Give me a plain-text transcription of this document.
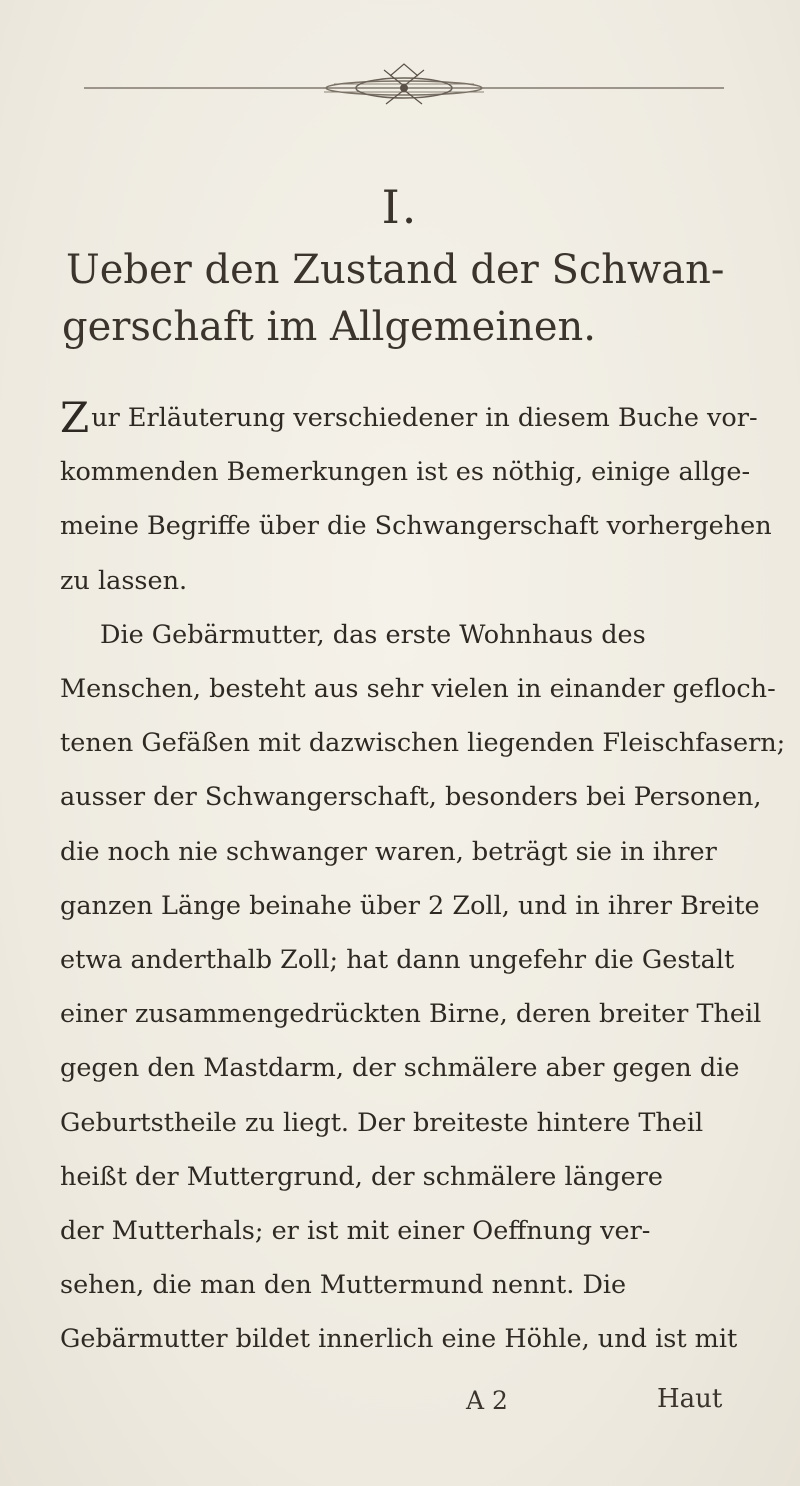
I.
Ueber den Zustand der Schwan-
gerschaft im Allgemeinen.
Zur Erläuterung verschiedener in diesem Buche vor-
kommenden Bemerkungen ist es nöthig, einige allge-
meine Begriffe über die Schwangerschaft vorhergehen
zu lassen.
Die Gebärmutter, das erste Wohnhaus des
Menschen, besteht aus sehr vielen in einander gefloch-
tenen Gefäßen mit dazwischen liegenden Fleischfasern;
ausser der Schwangerschaft, besonders bei Personen,
die noch nie schwanger waren, beträgt sie in ihrer
ganzen Länge beinahe über 2 Zoll, und in ihrer Breite
etwa anderthalb Zoll; hat dann ungefehr die Gestalt
einer zusammengedrückten Birne, deren breiter Theil
gegen den Mastdarm, der schmälere aber gegen die
Geburtstheile zu liegt. Der breiteste hintere Theil
heißt der Muttergrund, der schmälere längere
der Mutterhals; er ist mit einer Oeffnung ver-
sehen, die man den Muttermund nennt. Die
Gebärmutter bildet innerlich eine Höhle, und ist mit
A 2	Haut
